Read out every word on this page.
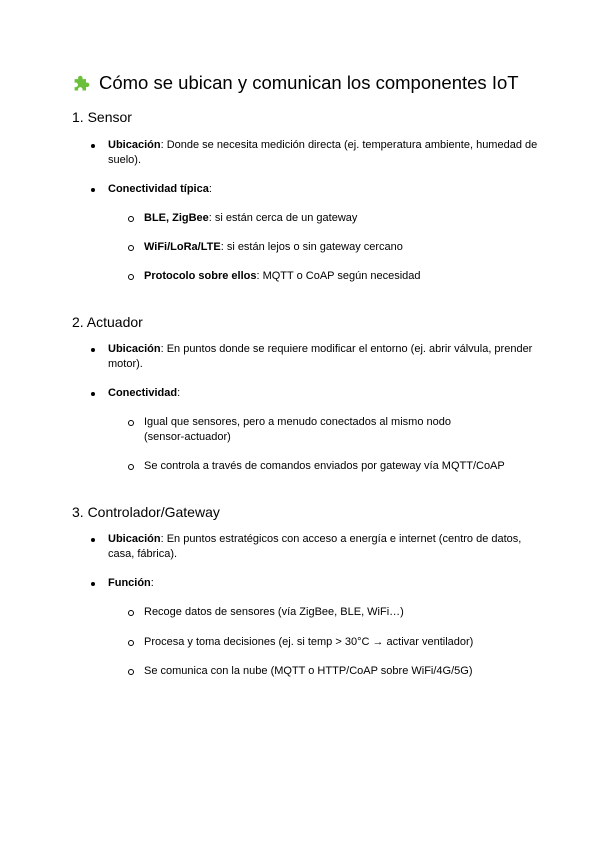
Cómo se ubican y comunican los componentes IoT
1. Sensor
Ubicación: Donde se necesita medición directa (ej. temperatura ambiente, humedad de suelo).
Conectividad típica:
BLE, ZigBee: si están cerca de un gateway
WiFi/LoRa/LTE: si están lejos o sin gateway cercano
Protocolo sobre ellos: MQTT o CoAP según necesidad
2. Actuador
Ubicación: En puntos donde se requiere modificar el entorno (ej. abrir válvula, prender motor).
Conectividad:
Igual que sensores, pero a menudo conectados al mismo nodo (sensor-actuador)
Se controla a través de comandos enviados por gateway vía MQTT/CoAP
3. Controlador/Gateway
Ubicación: En puntos estratégicos con acceso a energía e internet (centro de datos, casa, fábrica).
Función:
Recoge datos de sensores (vía ZigBee, BLE, WiFi…)
Procesa y toma decisiones (ej. si temp > 30°C → activar ventilador)
Se comunica con la nube (MQTT o HTTP/CoAP sobre WiFi/4G/5G)
